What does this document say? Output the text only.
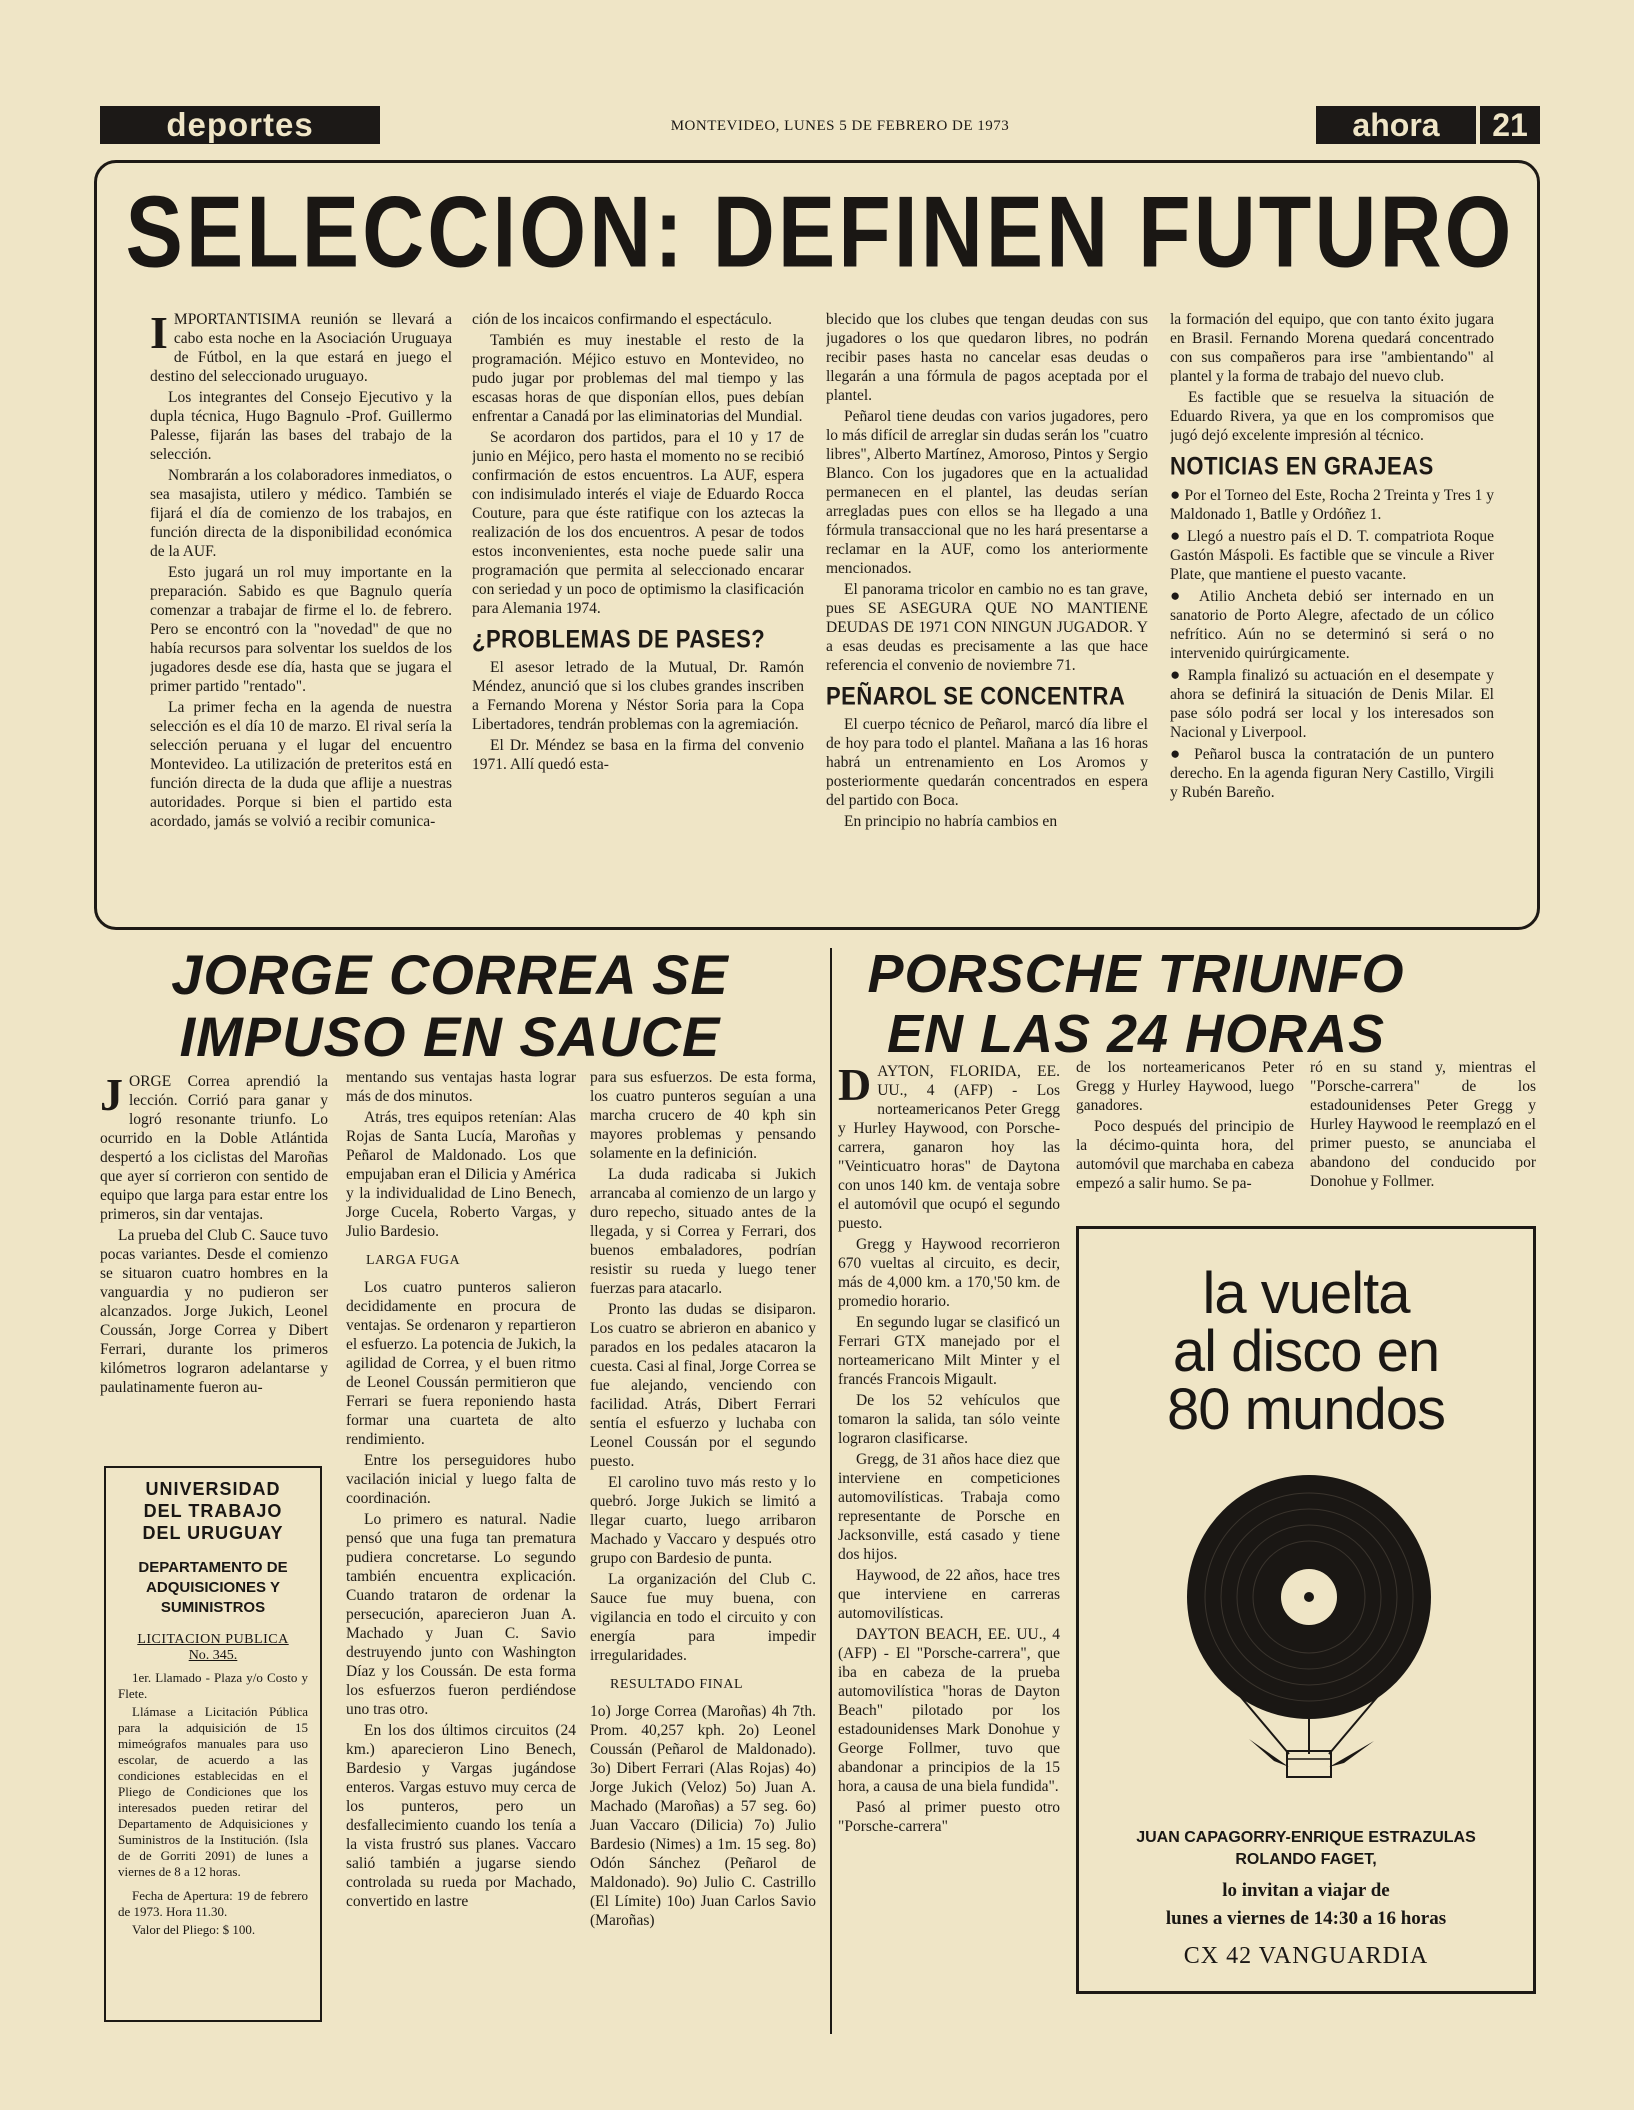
deportes	MONTEVIDEO, LUNES 5 DE FEBRERO DE 1973	ahora	21
SELECCION: DEFINEN FUTURO
I MPORTANTISIMA reunión se llevará a cabo esta noche en la Asociación Uruguaya de Fútbol, en la que estará en juego el destino del seleccionado uruguayo.

Los integrantes del Consejo Ejecutivo y la dupla técnica, Hugo Bagnulo -Prof. Guillermo Palesse, fijarán las bases del trabajo de la selección.

Nombrarán a los colaboradores inmediatos, o sea masajista, utilero y médico. También se fijará el día de comienzo de los trabajos, en función directa de la disponibilidad económica de la AUF.

Esto jugará un rol muy importante en la preparación. Sabido es que Bagnulo quería comenzar a trabajar de firme el lo. de febrero. Pero se encontró con la "novedad" de que no había recursos para solventar los sueldos de los jugadores desde ese día, hasta que se jugara el primer partido "rentado".

La primer fecha en la agenda de nuestra selección es el día 10 de marzo. El rival sería la selección peruana y el lugar del encuentro Montevideo. La utilización de preteritos está en función directa de la duda que aflije a nuestras autoridades. Porque si bien el partido esta acordado, jamás se volvió a recibir comunica-

ción de los incaicos confirmando el espectáculo.

También es muy inestable el resto de la programación. Méjico estuvo en Montevideo, no pudo jugar por problemas del mal tiempo y las escasas horas de que disponían ellos, pues debían enfrentar a Canadá por las eliminatorias del Mundial.

Se acordaron dos partidos, para el 10 y 17 de junio en Méjico, pero hasta el momento no se recibió confirmación de estos encuentros. La AUF, espera con indisimulado interés el viaje de Eduardo Rocca Couture, para que éste ratifique con los aztecas la realización de los dos encuentros. A pesar de todos estos inconvenientes, esta noche puede salir una programación que permita al seleccionado encarar con seriedad y un poco de optimismo la clasificación para Alemania 1974.

¿PROBLEMAS DE PASES?

El asesor letrado de la Mutual, Dr. Ramón Méndez, anunció que si los clubes grandes inscriben a Fernando Morena y Néstor Soria para la Copa Libertadores, tendrán problemas con la agremiación.

El Dr. Méndez se basa en la firma del convenio 1971. Allí quedó esta-

blecido que los clubes que tengan deudas con sus jugadores o los que quedaron libres, no podrán recibir pases hasta no cancelar esas deudas o llegarán a una fórmula de pagos aceptada por el plantel.

Peñarol tiene deudas con varios jugadores, pero lo más difícil de arreglar sin dudas serán los "cuatro libres", Alberto Martínez, Amoroso, Pintos y Sergio Blanco. Con los jugadores que en la actualidad permanecen en el plantel, las deudas serían arregladas pues con ellos se ha llegado a una fórmula transaccional que no les hará presentarse a reclamar en la AUF, como los anteriormente mencionados.

El panorama tricolor en cambio no es tan grave, pues SE ASEGURA QUE NO MANTIENE DEUDAS DE 1971 CON NINGUN JUGADOR. Y a esas deudas es precisamente a las que hace referencia el convenio de noviembre 71.

PEÑAROL SE CONCENTRA

El cuerpo técnico de Peñarol, marcó día libre el de hoy para todo el plantel. Mañana a las 16 horas habrá un entrenamiento en Los Aromos y posteriormente quedarán concentrados en espera del partido con Boca.

En principio no habría cambios en

la formación del equipo, que con tanto éxito jugara en Brasil. Fernando Morena quedará concentrado con sus compañeros para irse "ambientando" al plantel y la forma de trabajo del nuevo club.

Es factible que se resuelva la situación de Eduardo Rivera, ya que en los compromisos que jugó dejó excelente impresión al técnico.

NOTICIAS EN GRAJEAS

● Por el Torneo del Este, Rocha 2 Treinta y Tres 1 y Maldonado 1, Batlle y Ordóñez 1.

● Llegó a nuestro país el D. T. compatriota Roque Gastón Máspoli. Es factible que se vincule a River Plate, que mantiene el puesto vacante.

● Atilio Ancheta debió ser internado en un sanatorio de Porto Alegre, afectado de un cólico nefrítico. Aún no se determinó si será o no intervenido quirúrgicamente.

● Rampla finalizó su actuación en el desempate y ahora se definirá la situación de Denis Milar. El pase sólo podrá ser local y los interesados son Nacional y Liverpool.

● Peñarol busca la contratación de un puntero derecho. En la agenda figuran Nery Castillo, Virgili y Rubén Bareño.

JORGE CORREA SE
IMPUSO EN SAUCE
J ORGE Correa aprendió la lección. Corrió para ganar y logró resonante triunfo. Lo ocurrido en la Doble Atlántida despertó a los ciclistas del Maroñas que ayer sí corrieron con sentido de equipo que larga para estar entre los primeros, sin dar ventajas.

La prueba del Club C. Sauce tuvo pocas variantes. Desde el comienzo se situaron cuatro hombres en la vanguardia y no pudieron ser alcanzados. Jorge Jukich, Leonel Coussán, Jorge Correa y Dibert Ferrari, durante los primeros kilómetros lograron adelantarse y paulatinamente fueron au-

mentando sus ventajas hasta lograr más de dos minutos.

Atrás, tres equipos retenían: Alas Rojas de Santa Lucía, Maroñas y Peñarol de Maldonado. Los que empujaban eran el Dilicia y América y la individualidad de Lino Benech, Jorge Cucela, Roberto Vargas, y Julio Bardesio.

LARGA FUGA

Los cuatro punteros salieron decididamente en procura de ventajas. Se ordenaron y repartieron el esfuerzo. La potencia de Jukich, la agilidad de Correa, y el buen ritmo de Leonel Coussán permitieron que Ferrari se fuera reponiendo hasta formar una cuarteta de alto rendimiento.

Entre los perseguidores hubo vacilación inicial y luego falta de coordinación.

Lo primero es natural. Nadie pensó que una fuga tan prematura pudiera concretarse. Lo segundo también encuentra explicación. Cuando trataron de ordenar la persecución, aparecieron Juan A. Machado y Juan C. Savio destruyendo junto con Washington Díaz y los Coussán. De esta forma los esfuerzos fueron perdiéndose uno tras otro.

En los dos últimos circuitos (24 km.) aparecieron Lino Benech, Bardesio y Vargas jugándose enteros. Vargas estuvo muy cerca de los punteros, pero un desfallecimiento cuando los tenía a la vista frustró sus planes. Vaccaro salió también a jugarse siendo controlada su rueda por Machado, convertido en lastre

para sus esfuerzos. De esta forma, los cuatro punteros seguían a una marcha crucero de 40 kph sin mayores problemas y pensando solamente en la definición.

La duda radicaba si Jukich arrancaba al comienzo de un largo y duro repecho, situado antes de la llegada, y si Correa y Ferrari, dos buenos embaladores, podrían resistir su rueda y luego tener fuerzas para atacarlo.

Pronto las dudas se disiparon. Los cuatro se abrieron en abanico y parados en los pedales atacaron la cuesta. Casi al final, Jorge Correa se fue alejando, venciendo con facilidad. Atrás, Dibert Ferrari sentía el esfuerzo y luchaba con Leonel Coussán por el segundo puesto.

El carolino tuvo más resto y lo quebró. Jorge Jukich se limitó a llegar cuarto, luego arribaron Machado y Vaccaro y después otro grupo con Bardesio de punta.

La organización del Club C. Sauce fue muy buena, con vigilancia en todo el circuito y con energía para impedir irregularidades.

RESULTADO FINAL

1o) Jorge Correa (Maroñas) 4h 7th. Prom. 40,257 kph. 2o) Leonel Coussán (Peñarol de Maldonado). 3o) Dibert Ferrari (Alas Rojas) 4o) Jorge Jukich (Veloz) 5o) Juan A. Machado (Maroñas) a 57 seg. 6o) Juan Vaccaro (Dilicia) 7o) Julio Bardesio (Nimes) a 1m. 15 seg. 8o) Odón Sánchez (Peñarol de Maldonado). 9o) Julio C. Castrillo (El Límite) 10o) Juan Carlos Savio (Maroñas)

UNIVERSIDAD
DEL TRABAJO
DEL URUGUAY
DEPARTAMENTO DE
ADQUISICIONES Y
SUMINISTROS
LICITACION PUBLICA
No. 345.

1er. Llamado - Plaza y/o Costo y Flete.

Llámase a Licitación Pública para la adquisición de 15 mimeógrafos manuales para uso escolar, de acuerdo a las condiciones establecidas en el Pliego de Condiciones que los interesados pueden retirar del Departamento de Adquisiciones y Suministros de la Institución. (Isla de de Gorriti 2091) de lunes a viernes de 8 a 12 horas.

Fecha de Apertura: 19 de febrero de 1973. Hora 11.30.

Valor del Pliego: $ 100.

PORSCHE TRIUNFO
EN LAS 24 HORAS
D AYTON, FLORIDA, EE. UU., 4 (AFP) - Los norteamericanos Peter Gregg y Hurley Haywood, con Porsche-carrera, ganaron hoy las "Veinticuatro horas" de Daytona con unos 140 km. de ventaja sobre el automóvil que ocupó el segundo puesto.

Gregg y Haywood recorrieron 670 vueltas al circuito, es decir, más de 4,000 km. a 170,'50 km. de promedio horario.

En segundo lugar se clasificó un Ferrari GTX manejado por el norteamericano Milt Minter y el francés Francois Migault.

De los 52 vehículos que tomaron la salida, tan sólo veinte lograron clasificarse.

Gregg, de 31 años hace diez que interviene en competiciones automovilísticas. Trabaja como representante de Porsche en Jacksonville, está casado y tiene dos hijos.

Haywood, de 22 años, hace tres que interviene en carreras automovilísticas.

DAYTON BEACH, EE. UU., 4 (AFP) - El "Porsche-carrera", que iba en cabeza de la prueba automovilística "horas de Dayton Beach" pilotado por los estadounidenses Mark Donohue y George Follmer, tuvo que abandonar a principios de la 15 hora, a causa de una biela fundida".

Pasó al primer puesto otro "Porsche-carrera"

de los norteamericanos Peter Gregg y Hurley Haywood, luego ganadores.

Poco después del principio de la décimo-quinta hora, del automóvil que marchaba en cabeza empezó a salir humo. Se pa-

ró en su stand y, mientras el "Porsche-carrera" de los estadounidenses Peter Gregg y Hurley Haywood le reemplazó en el primer puesto, se anunciaba el abandono del conducido por Donohue y Follmer.

la vuelta
al disco en
80 mundos
JUAN CAPAGORRY-ENRIQUE ESTRAZULAS
ROLANDO FAGET,
lo invitan a viajar de
lunes a viernes de 14:30 a 16 horas
CX 42 VANGUARDIA
